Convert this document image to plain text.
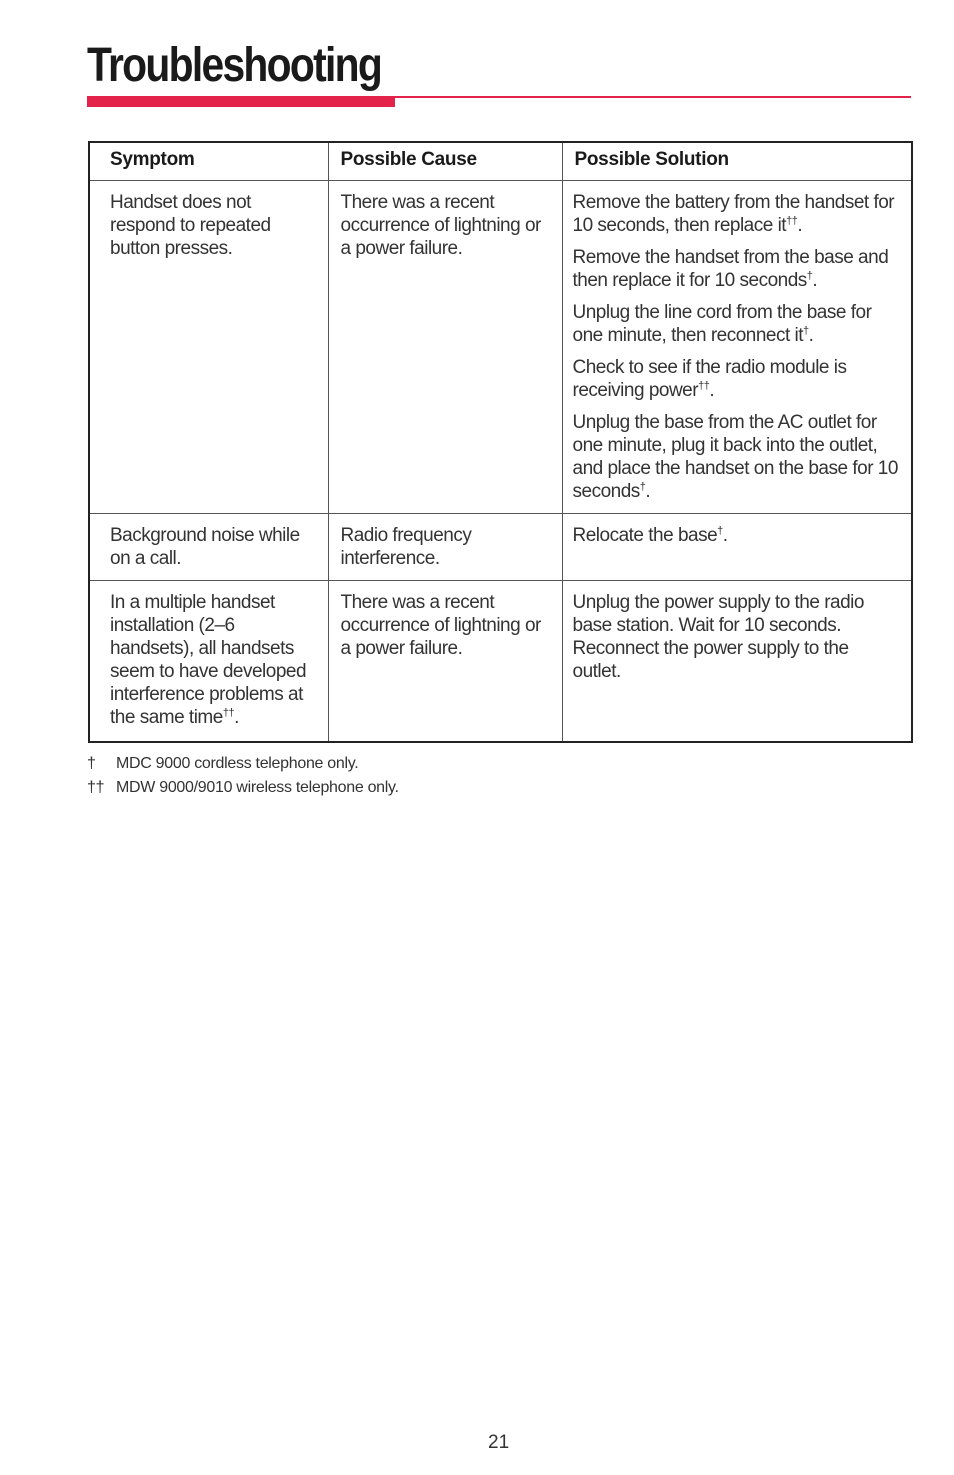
Troubleshooting
Symptom	Possible Cause	Possible Solution
Handset does not respond to repeated button presses.	There was a recent occurrence of lightning or a power failure.	Remove the battery from the handset for 10 seconds, then replace it††.
Remove the handset from the base and then replace it for 10 seconds†.
Unplug the line cord from the base for one minute, then reconnect it†.
Check to see if the radio module is receiving power††.
Unplug the base from the AC outlet for one minute, plug it back into the outlet, and place the handset on the base for 10 seconds†.

Background noise while on a call.	Radio frequency interference.	Relocate the base†.

In a multiple handset installation (2–6 handsets), all handsets seem to have developed interference problems at the same time††.	There was a recent occurrence of lightning or a power failure.	Unplug the power supply to the radio base station. Wait for 10 seconds. Reconnect the power supply to the outlet.
†	MDC 9000 cordless telephone only.
†† MDW 9000/9010 wireless telephone only.
21
